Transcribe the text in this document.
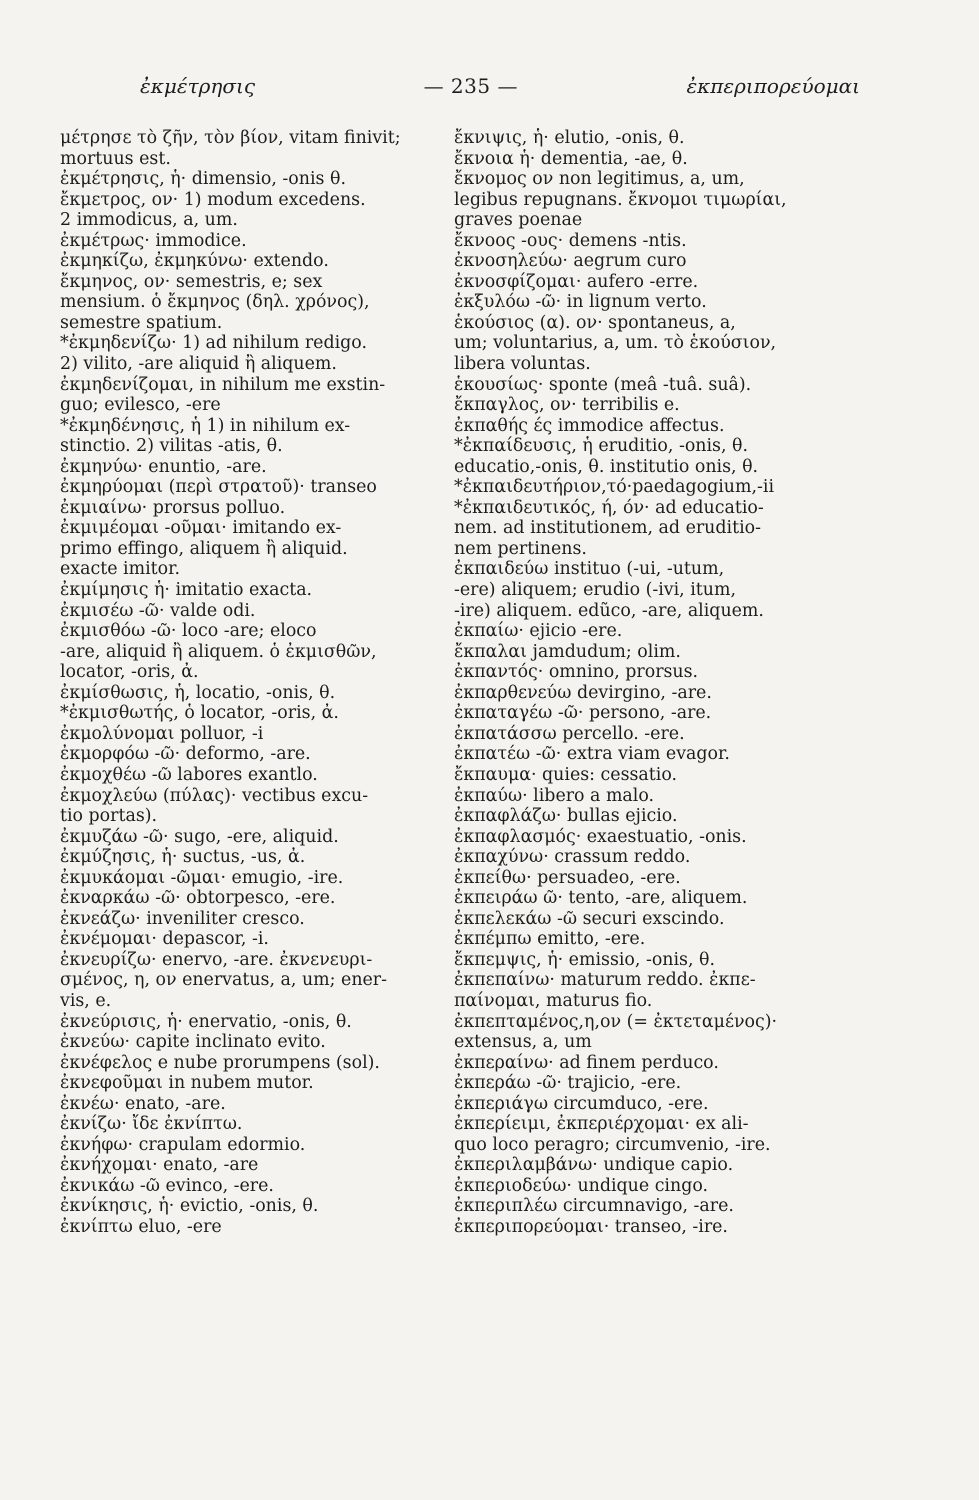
ἐκμέτρησις	— 235 —	ἐκπεριπορεύομαι
μέτρησε τὸ ζῆν, τὸν βίον, vitam finivit;
mortuus est.
ἐκμέτρησις, ἡ· dimensio, -onis θ.
ἔκμετρος, ον· 1) modum excedens.
2 immodicus, a, um.
ἐκμέτρως· immodice.
ἐκμηκίζω, ἐκμηκύνω· extendo.
ἔκμηνος, ον· semestris, e; sex
mensium. ὁ ἔκμηνος (δηλ. χρόνος),
semestre spatium.
*ἐκμηδενίζω· 1) ad nihilum redigo.
2) vilito, -are aliquid ἢ aliquem.
ἐκμηδενίζομαι, in nihilum me exstin-
guo; evilesco, -ere
*ἐκμηδένησις, ἡ 1) in nihilum ex-
stinctio. 2) vilitas -atis, θ.
ἐκμηνύω· enuntio, -are.
ἐκμηρύομαι (περὶ στρατοῦ)· transeo
ἐκμιαίνω· prorsus polluo.
ἐκμιμέομαι -οῦμαι· imitando ex-
primo effingo, aliquem ἢ aliquid.
exacte imitor.
ἐκμίμησις ἡ· imitatio exacta.
ἐκμισέω -ῶ· valde odi.
ἐκμισθόω -ῶ· loco -are; eloco
-are, aliquid ἢ aliquem. ὁ ἐκμισθῶν,
locator, -oris, ἀ.
ἐκμίσθωσις, ἡ, locatio, -onis, θ.
*ἐκμισθωτής, ὁ locator, -oris, ἀ.
ἐκμολύνομαι polluor, -i
ἐκμορφόω -ῶ· deformo, -are.
ἐκμοχθέω -ῶ labores exantlo.
ἐκμοχλεύω (πύλας)· vectibus excu-
tio portas).
ἐκμυζάω -ῶ· sugo, -ere, aliquid.
ἐκμύζησις, ἡ· suctus, -us, ἀ.
ἐκμυκάομαι -ῶμαι· emugio, -ire.
ἐκναρκάω -ῶ· obtorpesco, -ere.
ἐκνεάζω· inveniliter cresco.
ἐκνέμομαι· depascor, -i.
ἐκνευρίζω· enervo, -are. ἐκνενευρι-
σμένος, η, ον enervatus, a, um; ener-
vis, e.
ἐκνεύρισις, ἡ· enervatio, -onis, θ.
ἐκνεύω· capite inclinato evito.
ἐκνέφελος e nube prorumpens (sol).
ἐκνεφοῦμαι in nubem mutor.
ἐκνέω· enato, -are.
ἐκνίζω· ἴδε ἐκνίπτω.
ἐκνήφω· crapulam edormio.
ἐκνήχομαι· enato, -are
ἐκνικάω -ῶ evinco, -ere.
ἐκνίκησις, ἡ· evictio, -onis, θ.
ἐκνίπτω eluo, -ere
ἔκνιψις, ἡ· elutio, -onis, θ.
ἔκνοια ἡ· dementia, -ae, θ.
ἔκνομος ον non legitimus, a, um,
legibus repugnans. ἔκνομοι τιμωρίαι,
graves poenae
ἔκνοος -ους· demens -ntis.
ἐκνοσηλεύω· aegrum curo
ἐκνοσφίζομαι· aufero -erre.
ἐκξυλόω -ῶ· in lignum verto.
ἑκούσιος (α). ον· spontaneus, a,
um; voluntarius, a, um. τὸ ἑκούσιον,
libera voluntas.
ἑκουσίως· sponte (meâ -tuâ. suâ).
ἔκπαγλος, ον· terribilis e.
ἐκπαθής ές immodice affectus.
*ἐκπαίδευσις, ἡ eruditio, -onis, θ.
educatio,-onis, θ. institutio onis, θ.
*ἐκπαιδευτήριον,τό·paedagogium,-ii
*ἐκπαιδευτικός, ή, όν· ad educatio-
nem. ad institutionem, ad eruditio-
nem pertinens.
ἐκπαιδεύω instituo (-ui, -utum,
-ere) aliquem; erudio (-ivi, itum,
-ire) aliquem. edũco, -are, aliquem.
ἐκπαίω· ejicio -ere.
ἔκπαλαι jamdudum; olim.
ἐκπαντός· omnino, prorsus.
ἐκπαρθενεύω devirgino, -are.
ἐκπαταγέω -ῶ· persono, -are.
ἐκπατάσσω percello. -ere.
ἐκπατέω -ῶ· extra viam evagor.
ἔκπαυμα· quies: cessatio.
ἐκπαύω· libero a malo.
ἐκπαφλάζω· bullas ejicio.
ἐκπαφλασμός· exaestuatio, -onis.
ἐκπαχύνω· crassum reddo.
ἐκπείθω· persuadeo, -ere.
ἐκπειράω ῶ· tento, -are, aliquem.
ἐκπελεκάω -ῶ securi exscindo.
ἐκπέμπω emitto, -ere.
ἔκπεμψις, ἡ· emissio, -onis, θ.
ἐκπεπαίνω· maturum reddo. ἐκπε-
παίνομαι, maturus fio.
ἐκπεπταμένος,η,ον (= ἐκτεταμένος)·
extensus, a, um
ἐκπεραίνω· ad finem perduco.
ἐκπεράω -ῶ· trajicio, -ere.
ἐκπεριάγω circumduco, -ere.
ἐκπερίειμι, ἐκπεριέρχομαι· ex ali-
quo loco peragro; circumvenio, -ire.
ἐκπεριλαμβάνω· undique capio.
ἐκπεριοδεύω· undique cingo.
ἐκπεριπλέω circumnavigo, -are.
ἐκπεριπορεύομαι· transeo, -ire.
